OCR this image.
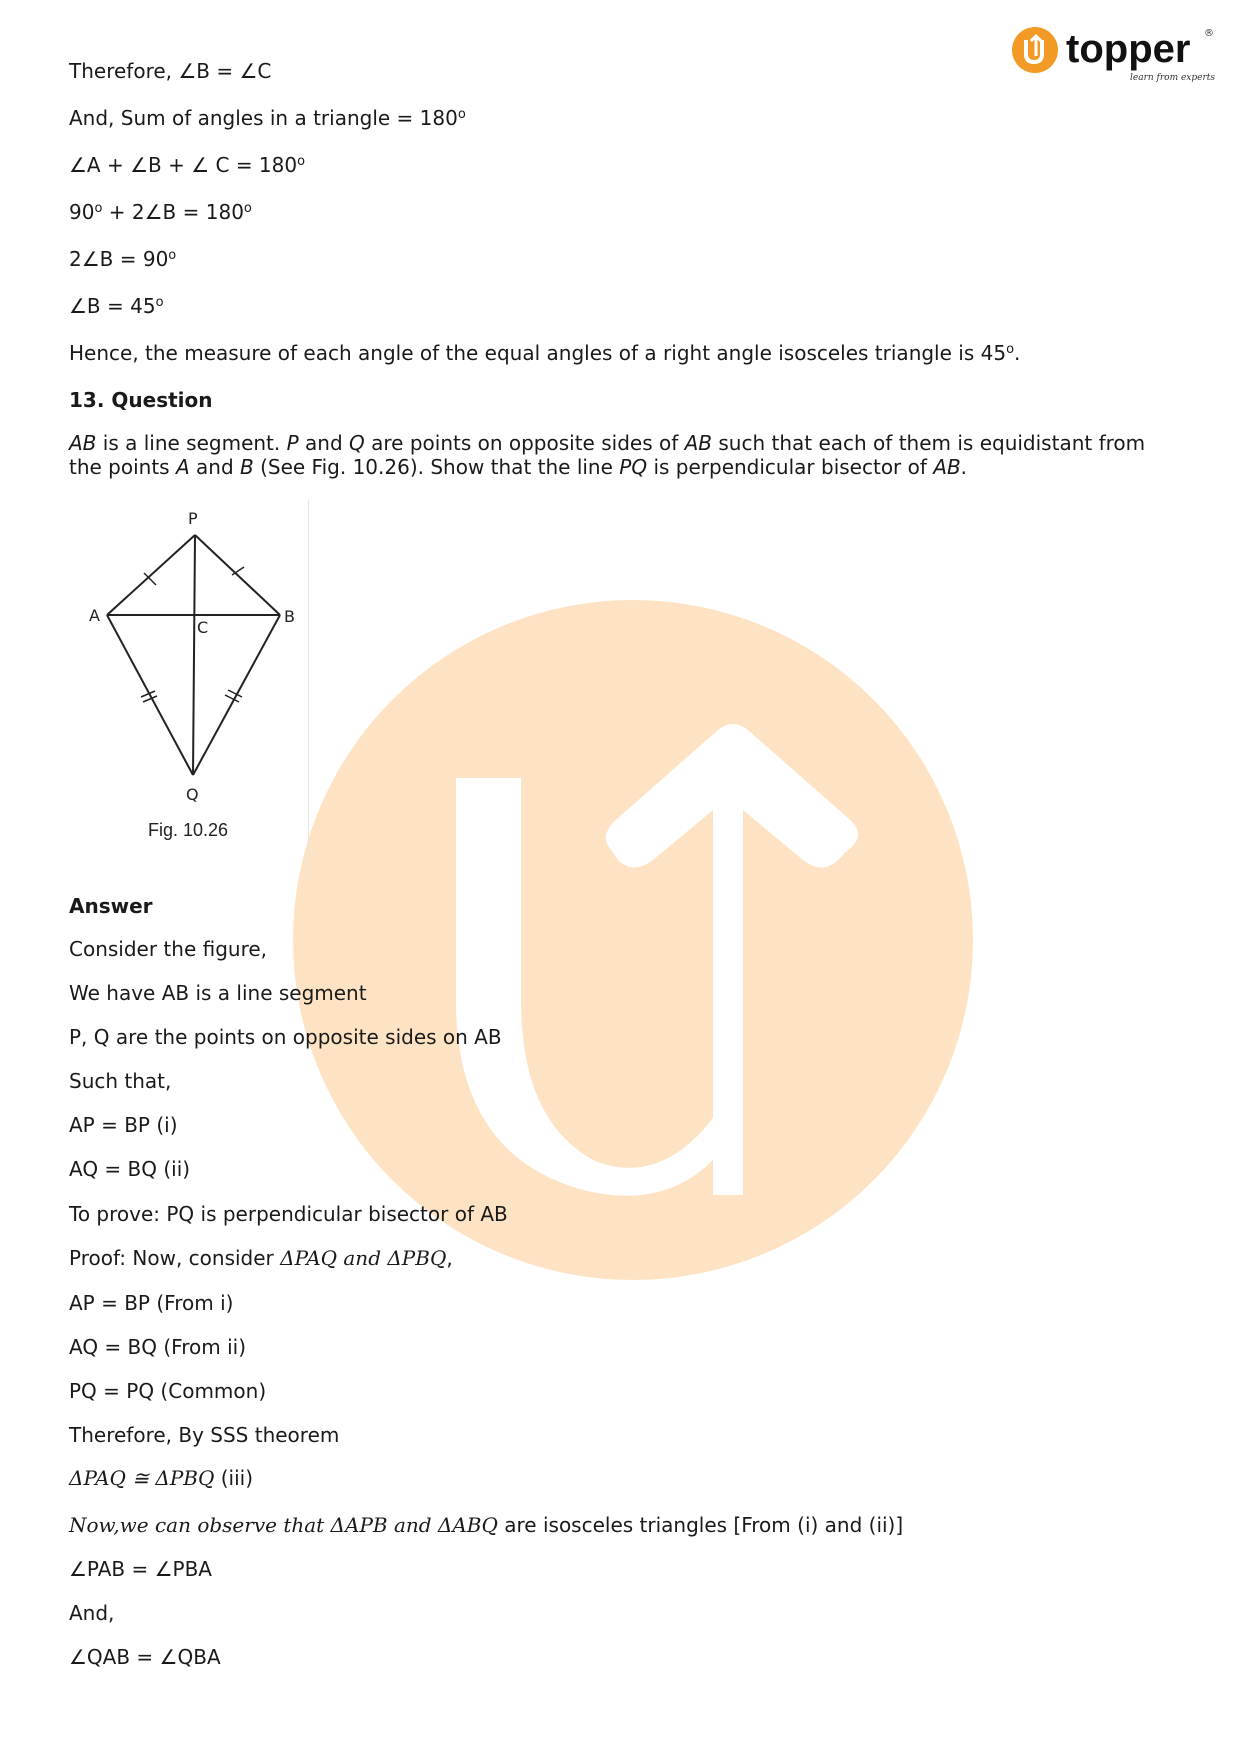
topper ®
learn from experts
Therefore, ∠B = ∠C
And, Sum of angles in a triangle = $180^o$
∠A + ∠B + ∠ $C = 180^o$
$90^o$ + 2∠B = $180^o$
2∠B = $90^o$
∠B = $45^o$
Hence, the measure of each angle of the equal angles of a right angle isosceles triangle is 45$^o$.
13. Question
AB is a line segment. P and Q are points on opposite sides of AB such that each of them is equidistant from the points A and B (See Fig. 10.26). Show that the line PQ is perpendicular bisector of AB.
P
A	B
C
Q
Fig. 10.26
Answer
Consider the figure,
We have AB is a line segment
P, Q are the points on opposite sides on AB
Such that,
AP = BP (i)
AQ = BQ (ii)
To prove: PQ is perpendicular bisector of AB
Proof: Now, consider ΔPAQ and ΔPBQ,
AP = BP (From i)
AQ = BQ (From ii)
PQ = PQ (Common)
Therefore, By SSS theorem
ΔPAQ ≅ ΔPBQ (iii)
Now,we can observe that ΔAPB and ΔABQ are isosceles triangles [From (i) and (ii)]
∠PAB = ∠PBA
And,
∠QAB = ∠QBA
